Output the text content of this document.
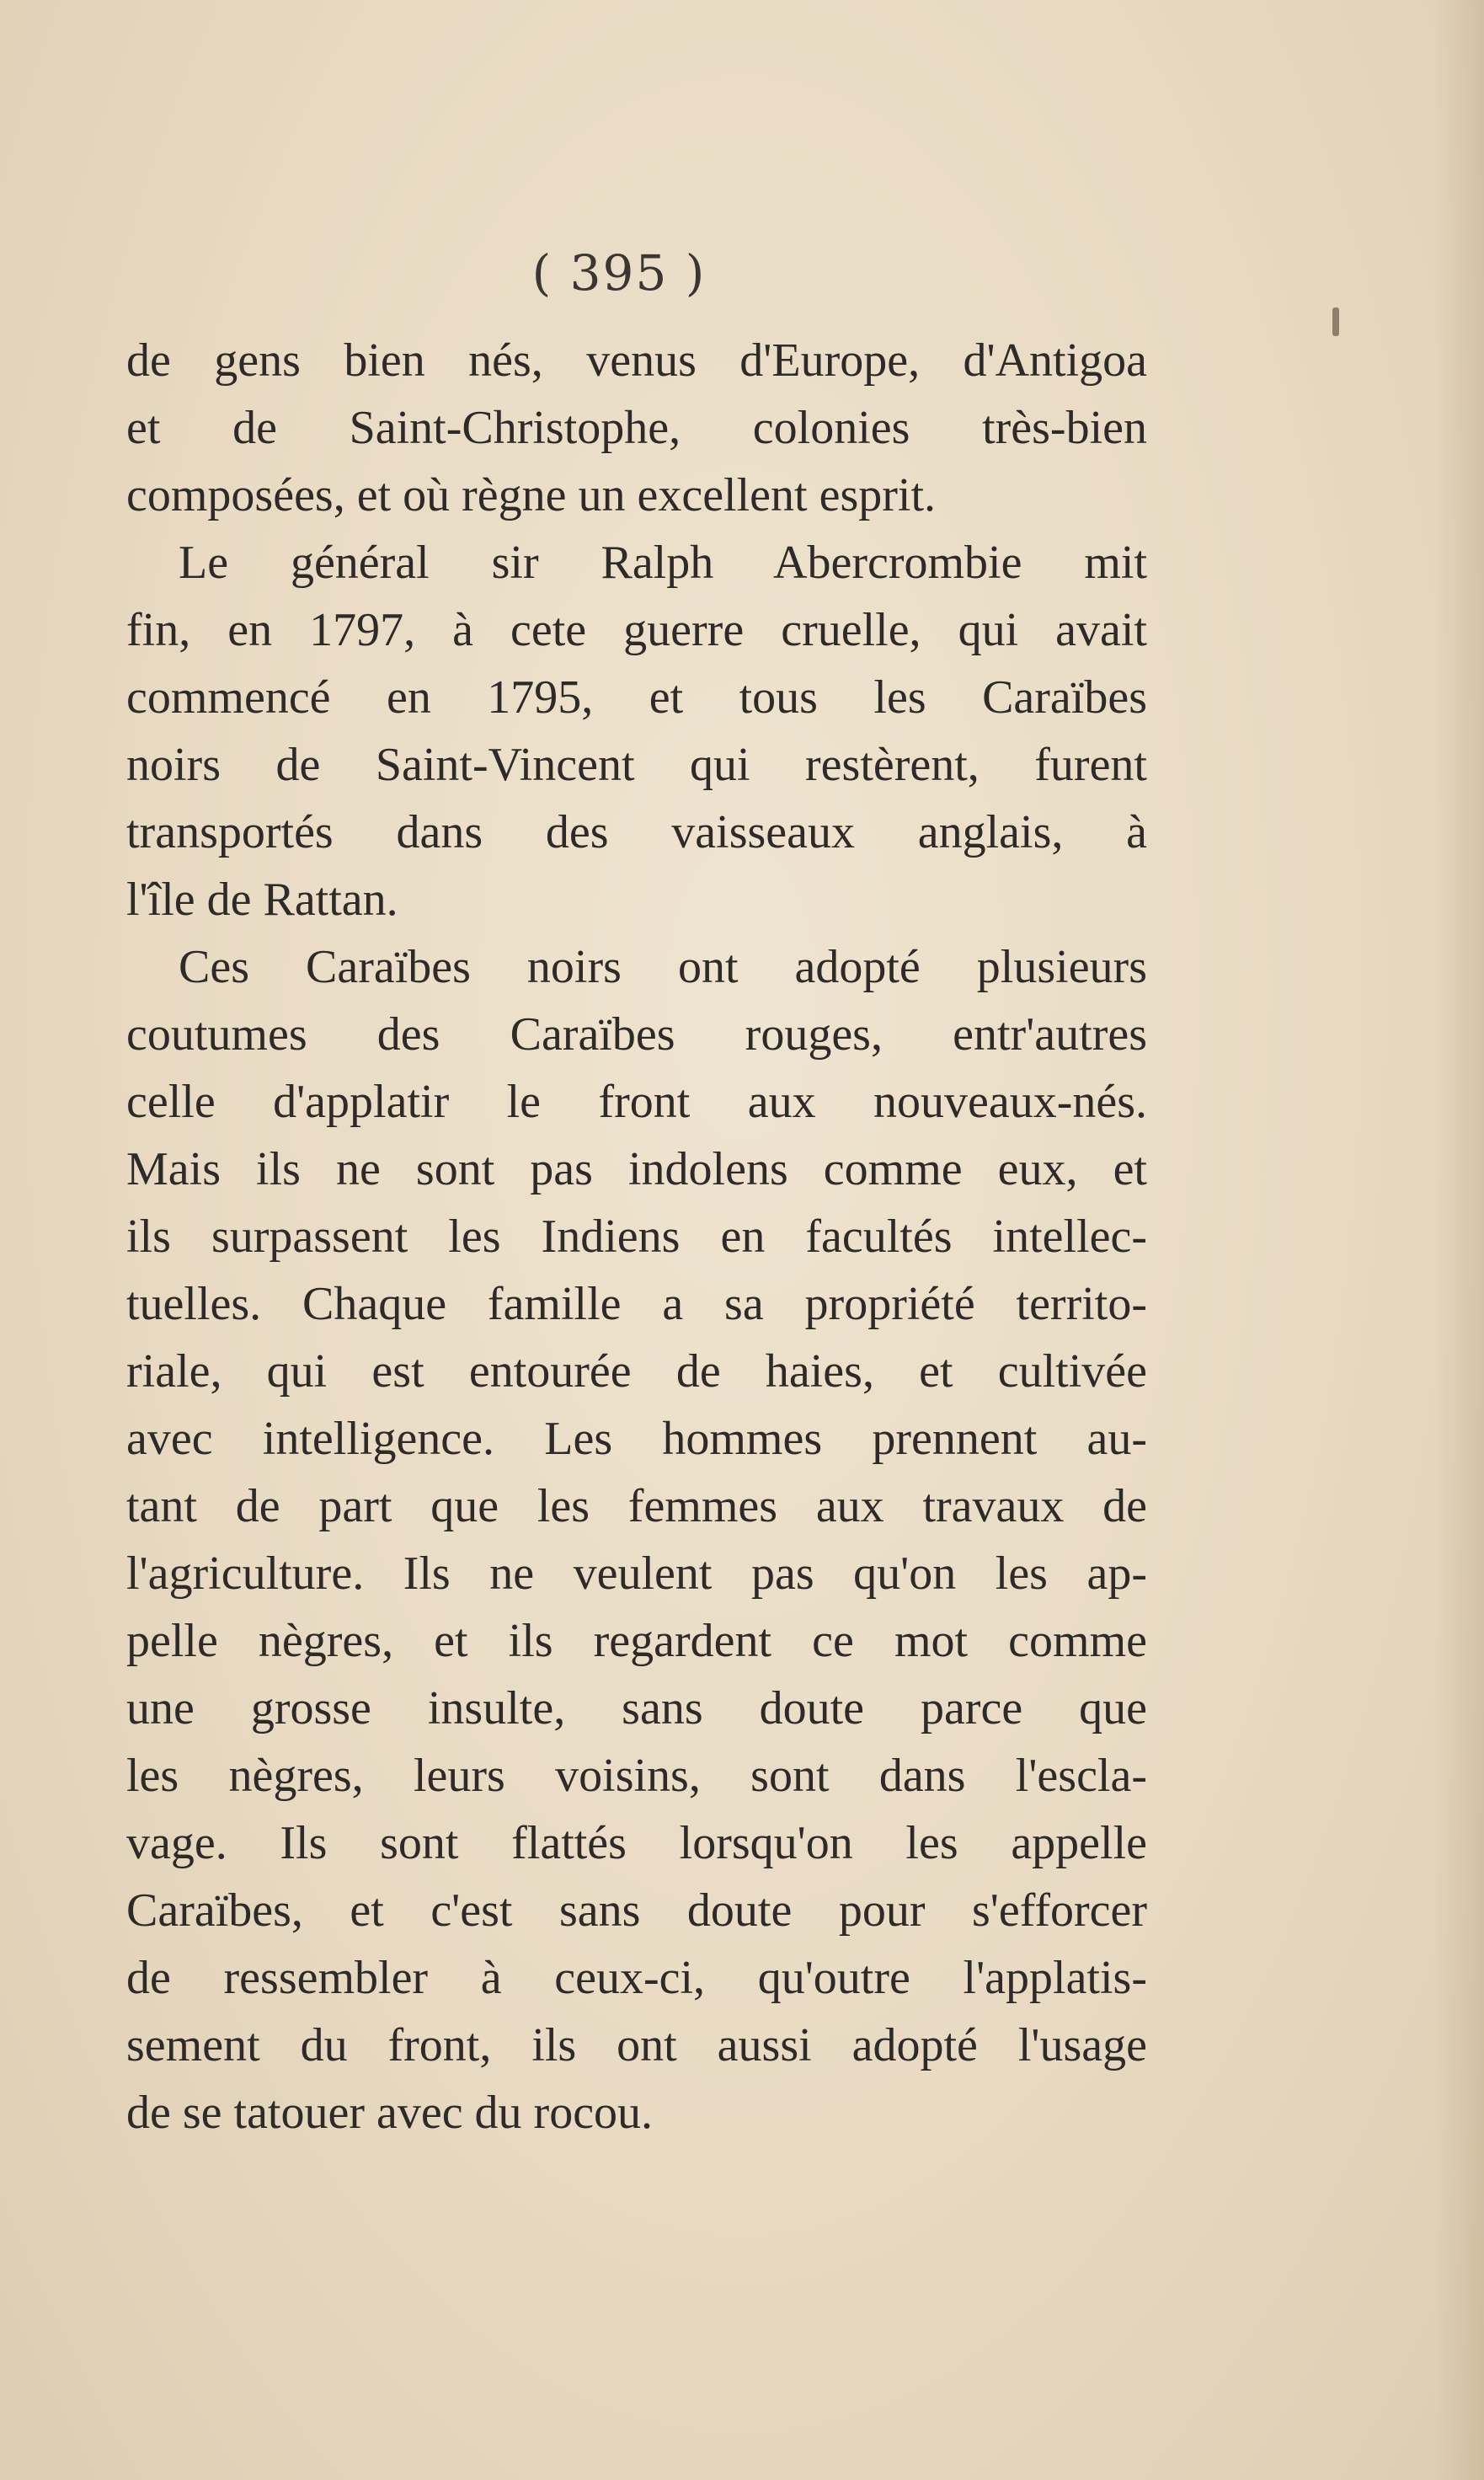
( 395 )
de gens bien nés, venus d'Europe, d'Antigoa
et de Saint-Christophe, colonies très-bien
composées, et où règne un excellent esprit.
Le général sir Ralph Abercrombie mit
fin, en 1797, à cete guerre cruelle, qui avait
commencé en 1795, et tous les Caraïbes
noirs de Saint-Vincent qui restèrent, furent
transportés dans des vaisseaux anglais, à
l'île de Rattan.
Ces Caraïbes noirs ont adopté plusieurs
coutumes des Caraïbes rouges, entr'autres
celle d'applatir le front aux nouveaux-nés.
Mais ils ne sont pas indolens comme eux, et
ils surpassent les Indiens en facultés intellec-
tuelles. Chaque famille a sa propriété territo-
riale, qui est entourée de haies, et cultivée
avec intelligence. Les hommes prennent au-
tant de part que les femmes aux travaux de
l'agriculture. Ils ne veulent pas qu'on les ap-
pelle nègres, et ils regardent ce mot comme
une grosse insulte, sans doute parce que
les nègres, leurs voisins, sont dans l'escla-
vage. Ils sont flattés lorsqu'on les appelle
Caraïbes, et c'est sans doute pour s'efforcer
de ressembler à ceux-ci, qu'outre l'applatis-
sement du front, ils ont aussi adopté l'usage
de se tatouer avec du rocou.
